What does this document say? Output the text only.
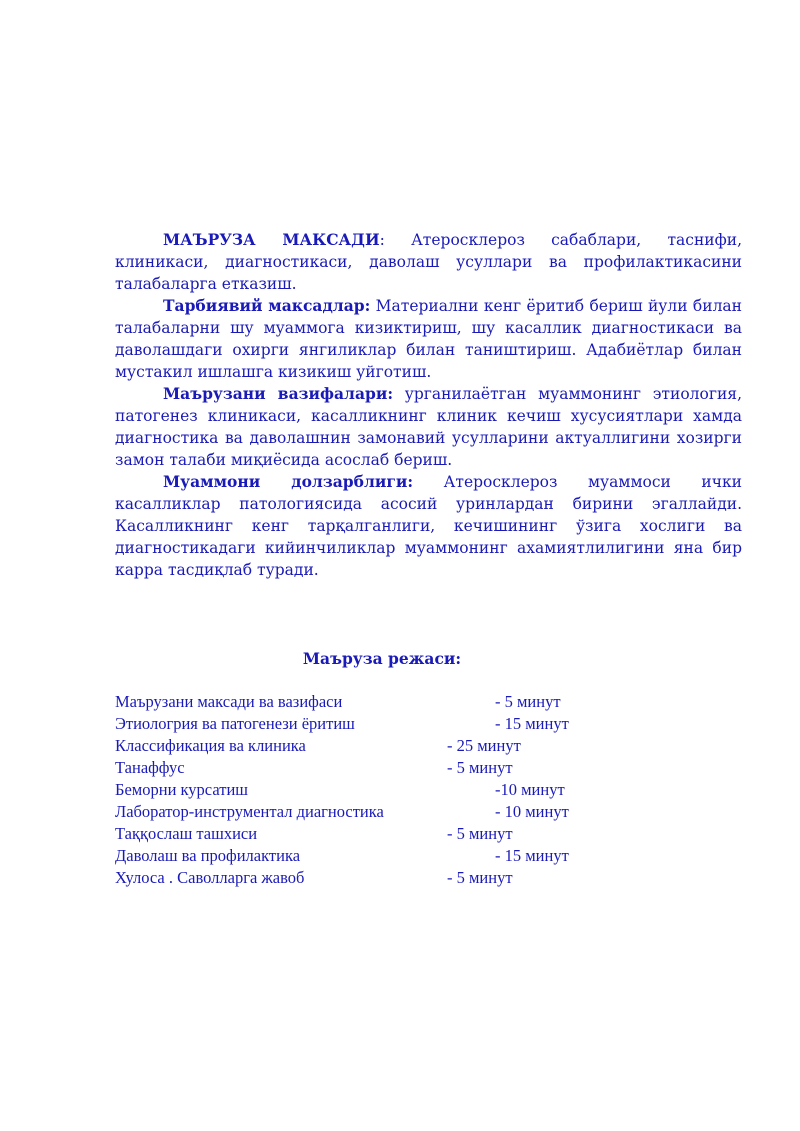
МАЪРУЗА МАКСАДИ: Атеросклероз сабаблари, таснифи, клиникаси, диагностикаси, даволаш усуллари ва профилактикасини талабаларга етказиш.

Тарбиявий максадлар: Материални кенг ёритиб бериш йули билан талабаларни шу муаммога кизиктириш, шу касаллик диагностикаси ва даволашдаги охирги янгиликлар билан таништириш. Адабиётлар билан мустакил ишлашга кизикиш уйготиш.

Маърузани вазифалари: урганилаётган муаммонинг этиология, патогенез клиникаси, касалликнинг клиник кечиш хусусиятлари хамда диагностика ва даволашнин замонавий усулларини актуаллигини хозирги замон талаби миқиёсида асослаб бериш.

Муаммони долзарблиги: Атеросклероз муаммоси ички касалликлар патологиясида асосий уринлардан бирини эгаллайди. Касалликнинг кенг тарқалганлиги, кечишининг ўзига хослиги ва диагностикадаги кийинчиликлар муаммонинг ахамиятлилигини яна бир карра тасдиқлаб туради.

Маъруза режаси:
Маърузани максади ва вазифаси	- 5 минут
Этиологрия ва патогенези ёритиш	- 15 минут
Классификация ва клиника	- 25 минут
Танаффус	- 5 минут
Беморни курсатиш	-10 минут
Лаборатор-инструментал диагностика	- 10 минут
Таққослаш ташхиси	- 5 минут
Даволаш ва профилактика	- 15 минут
Хулоса . Саволларга жавоб	- 5 минут
